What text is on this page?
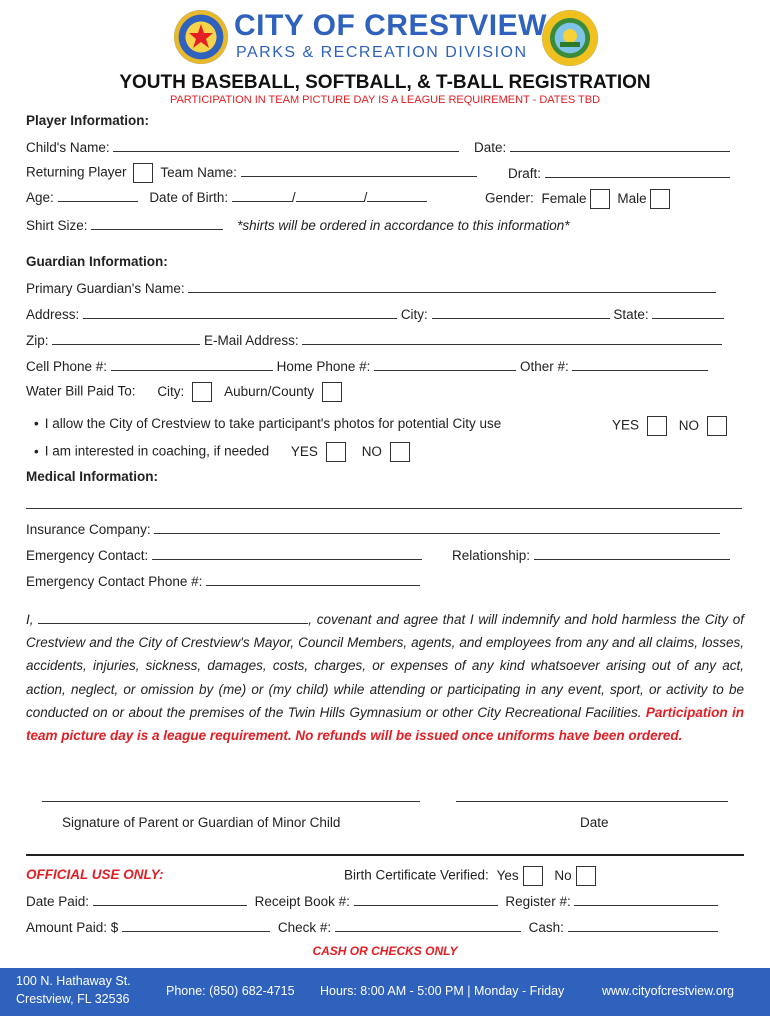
CITY OF CRESTVIEW
PARKS & RECREATION DIVISION
YOUTH BASEBALL, SOFTBALL, & T-BALL REGISTRATION
PARTICIPATION IN TEAM PICTURE DAY IS A LEAGUE REQUIREMENT - DATES TBD
Player Information:
Child's Name:	Date:
Returning Player	Team Name:	Draft:
Age:	Date of Birth:	/	/	Gender: Female Male
Shirt Size:	*shirts will be ordered in accordance to this information*
Guardian Information:
Primary Guardian's Name:
Address:	City:	State:
Zip:	E-Mail Address:
Cell Phone #:	Home Phone #:	Other #:
Water Bill Paid To: City:	Auburn/County
• I allow the City of Crestview to take participant's photos for potential City use	YES	NO
• I am interested in coaching, if needed YES	NO
Medical Information:
Insurance Company:
Emergency Contact:	Relationship:
Emergency Contact Phone #:
I,	, covenant and agree that I will indemnify and hold harmless the City of Crestview and the City of Crestview's Mayor, Council Members, agents, and employees from any and all claims, losses, accidents, injuries, sickness, damages, costs, charges, or expenses of any kind whatsoever arising out of any act, action, neglect, or omission by (me) or (my child) while attending or participating in any event, sport, or activity to be conducted on or about the premises of the Twin Hills Gymnasium or other City Recreational Facilities. Participation in team picture day is a league requirement. No refunds will be issued once uniforms have been ordered.
Signature of Parent or Guardian of Minor Child	Date
OFFICIAL USE ONLY:	Birth Certificate Verified: Yes	No
Date Paid:	Receipt Book #:	Register #:
Amount Paid: $	Check #:	Cash:
CASH OR CHECKS ONLY
100 N. Hathaway St.
Crestview, FL 32536
Phone: (850) 682-4715 Hours: 8:00 AM - 5:00 PM | Monday - Friday	www.cityofcrestview.org
